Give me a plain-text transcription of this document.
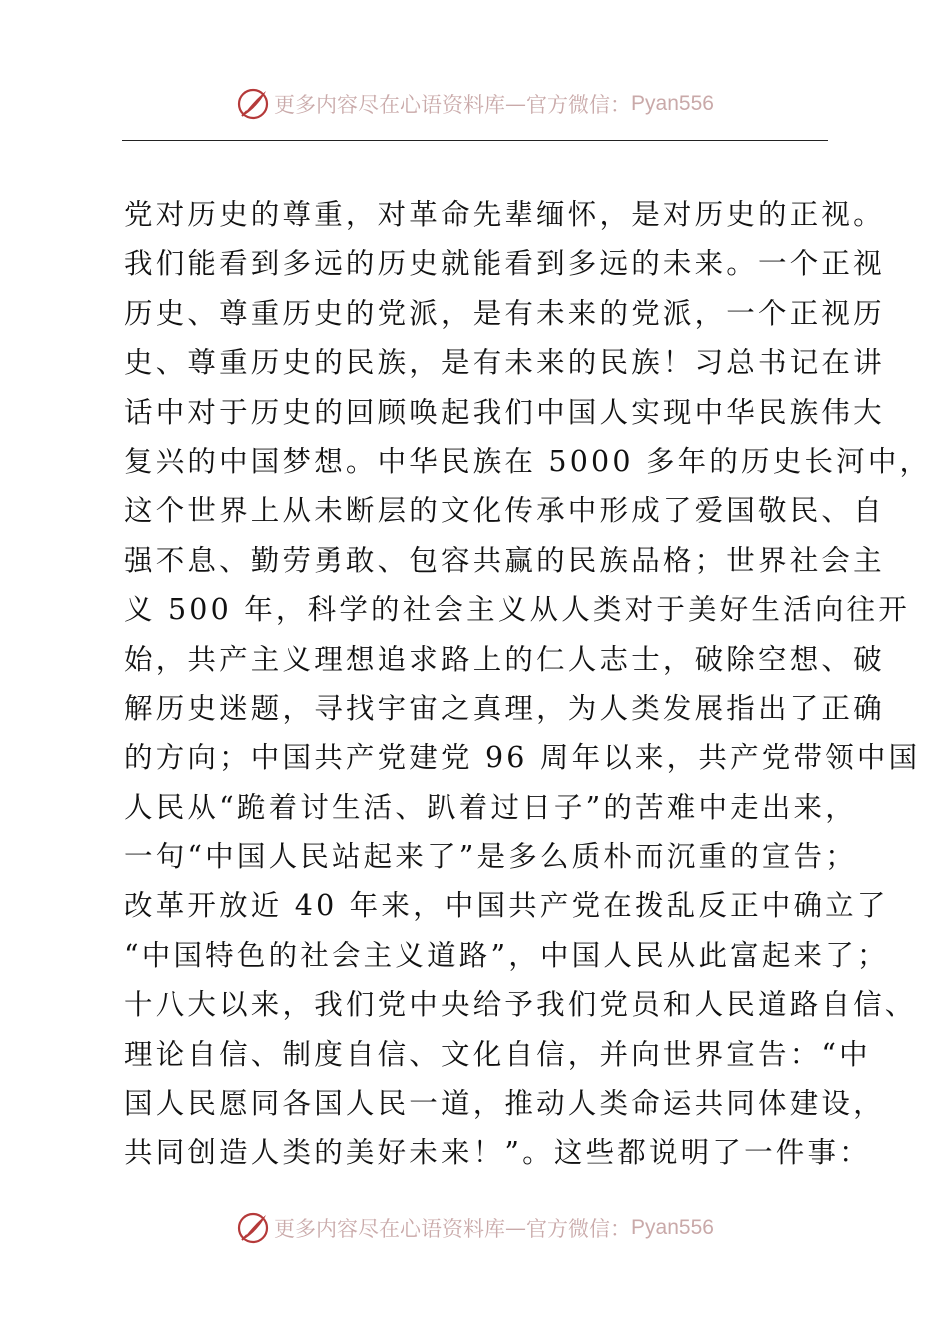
更多内容尽在心语资料库 — 官方微信： Pyan556
党对历史的尊重，对革命先辈缅怀，是对历史的正视。
我们能看到多远的历史就能看到多远的未来。一个正视
历史、尊重历史的党派，是有未来的党派，一个正视历
史、尊重历史的民族，是有未来的民族！习总书记在讲
话中对于历史的回顾唤起我们中国人实现中华民族伟大
复兴的中国梦想。中华民族在 5000 多年的历史长河中，
这个世界上从未断层的文化传承中形成了爱国敬民、自
强不息、勤劳勇敢、包容共赢的民族品格；世界社会主
义 500 年，科学的社会主义从人类对于美好生活向往开
始，共产主义理想追求路上的仁人志士，破除空想、破
解历史迷题，寻找宇宙之真理，为人类发展指出了正确
的方向；中国共产党建党 96 周年以来，共产党带领中国
人民从“跪着讨生活、趴着过日子”的苦难中走出来，
一句“中国人民站起来了”是多么质朴而沉重的宣告；
改革开放近 40 年来，中国共产党在拨乱反正中确立了
“中国特色的社会主义道路”，中国人民从此富起来了；
十八大以来，我们党中央给予我们党员和人民道路自信、
理论自信、制度自信、文化自信，并向世界宣告：“中
国人民愿同各国人民一道，推动人类命运共同体建设，
共同创造人类的美好未来！”。这些都说明了一件事：
更多内容尽在心语资料库 — 官方微信： Pyan556
